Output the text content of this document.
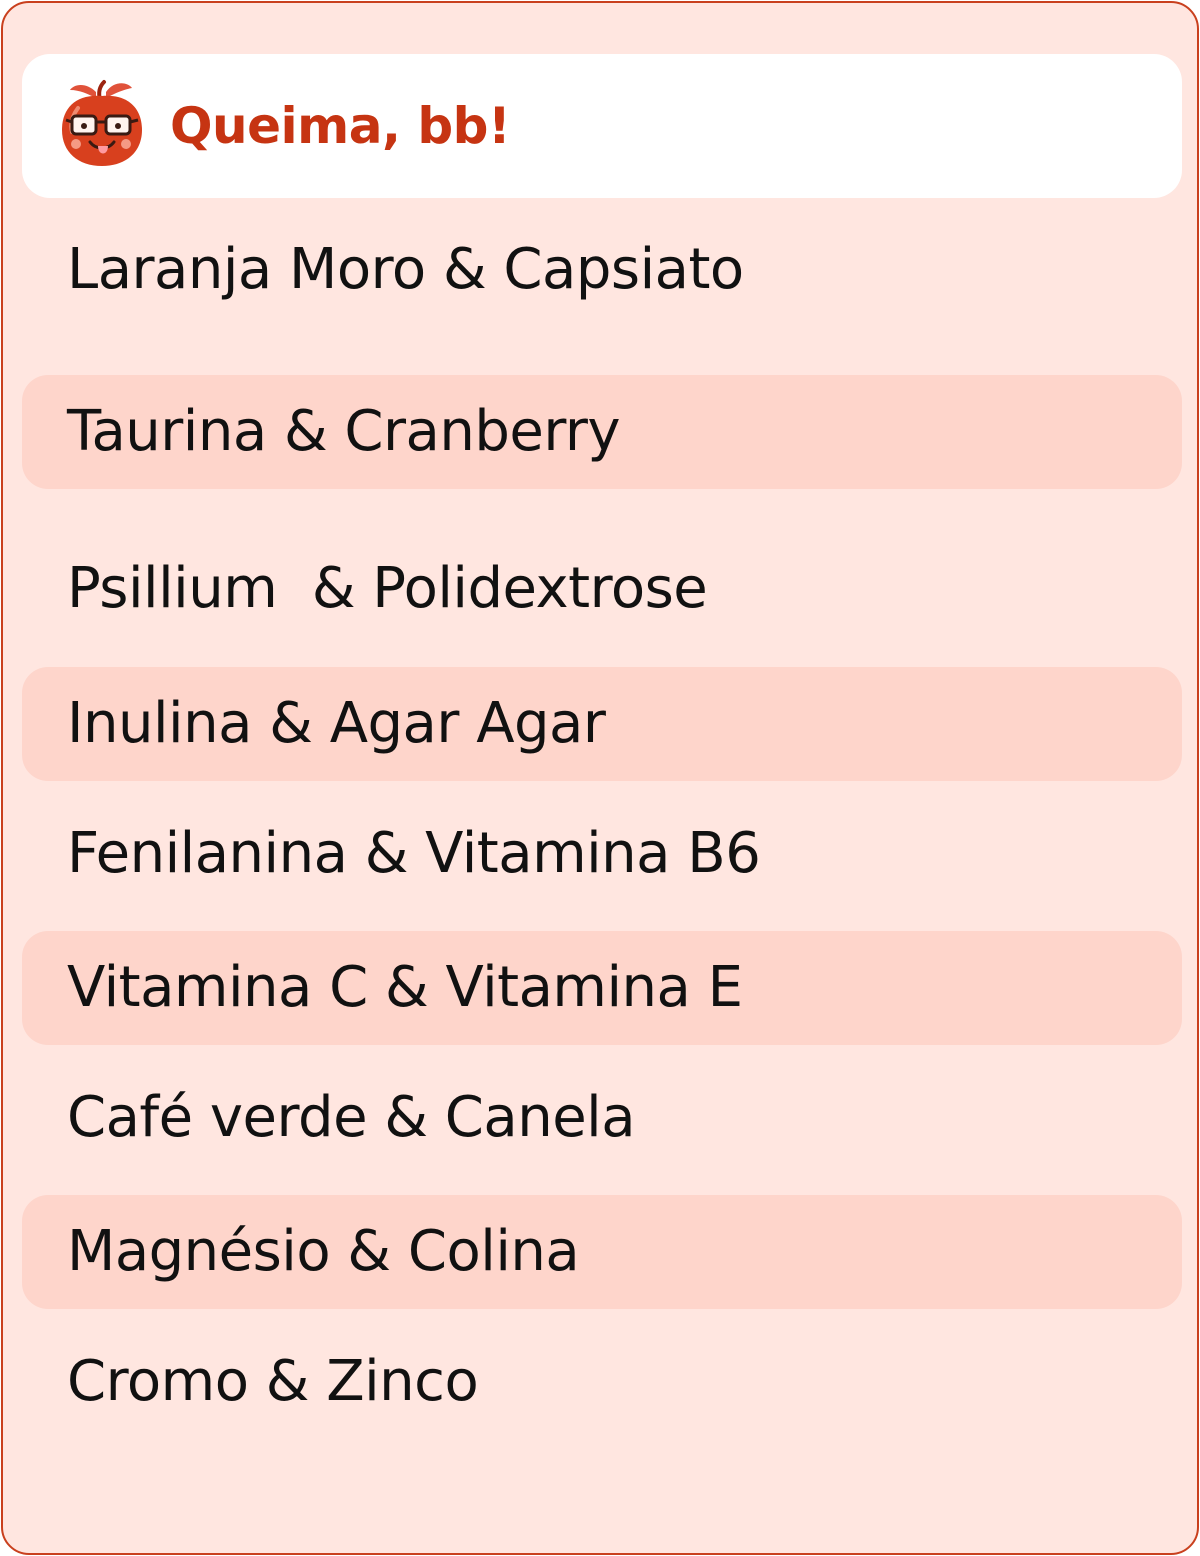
Queima, bb!
Laranja Moro & Capsiato
Taurina & Cranberry
Psillium  & Polidextrose
Inulina & Agar Agar
Fenilanina & Vitamina B6
Vitamina C & Vitamina E
Café verde & Canela
Magnésio & Colina
Cromo & Zinco
